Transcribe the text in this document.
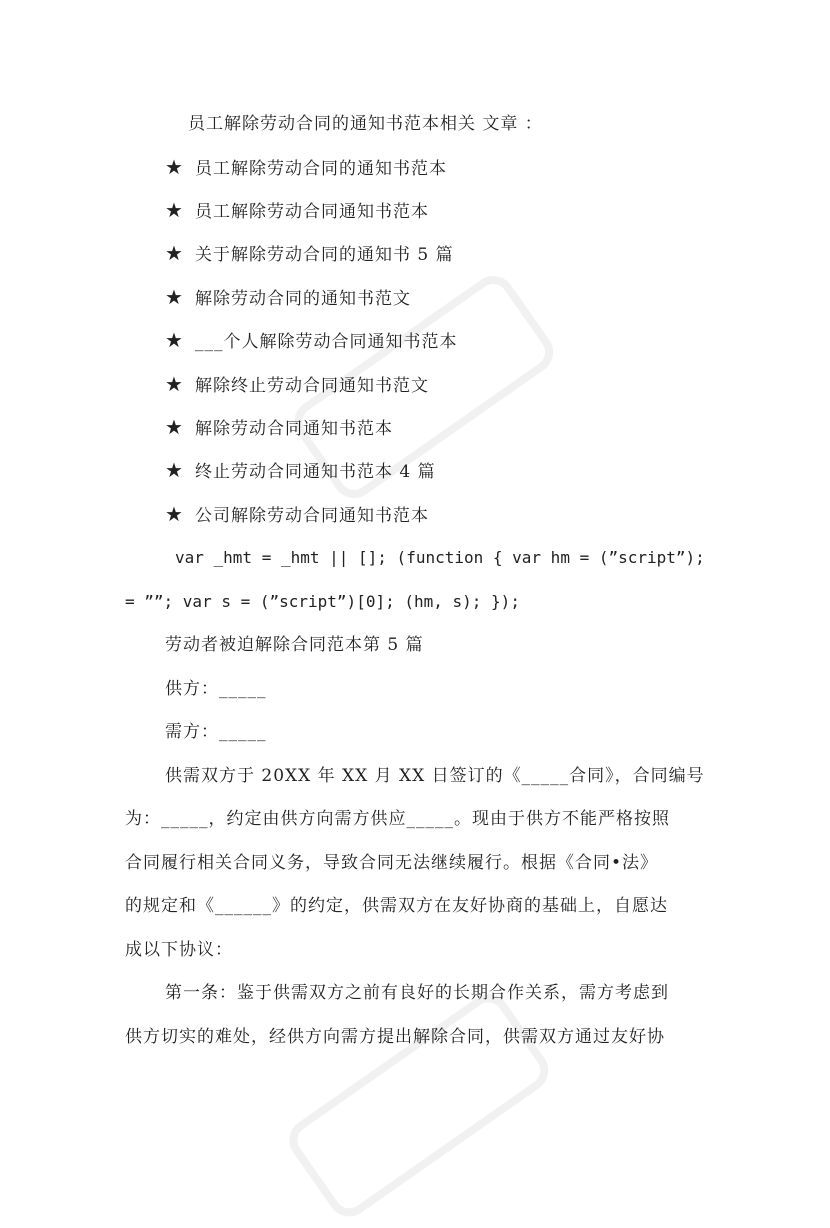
员工解除劳动合同的通知书范本相关 文章 ：
★ 员工解除劳动合同的通知书范本
★ 员工解除劳动合同通知书范本
★ 关于解除劳动合同的通知书 5 篇
★ 解除劳动合同的通知书范文
★ ___个人解除劳动合同通知书范本
★ 解除终止劳动合同通知书范文
★ 解除劳动合同通知书范本
★ 终止劳动合同通知书范本 4 篇
★ 公司解除劳动合同通知书范本
var _hmt = _hmt || []; (function { var hm = (”script”);
= ””; var s = (”script”)[0]; (hm, s); });
劳动者被迫解除合同范本第 5 篇
供方：_____
需方：_____
供需双方于 20XX 年 XX 月 XX 日签订的《_____合同》，合同编号
为：_____，约定由供方向需方供应_____。现由于供方不能严格按照
合同履行相关合同义务，导致合同无法继续履行。根据《合同•法》
的规定和《______》的约定，供需双方在友好协商的基础上，自愿达
成以下协议：
第一条：鉴于供需双方之前有良好的长期合作关系，需方考虑到
供方切实的难处，经供方向需方提出解除合同，供需双方通过友好协
